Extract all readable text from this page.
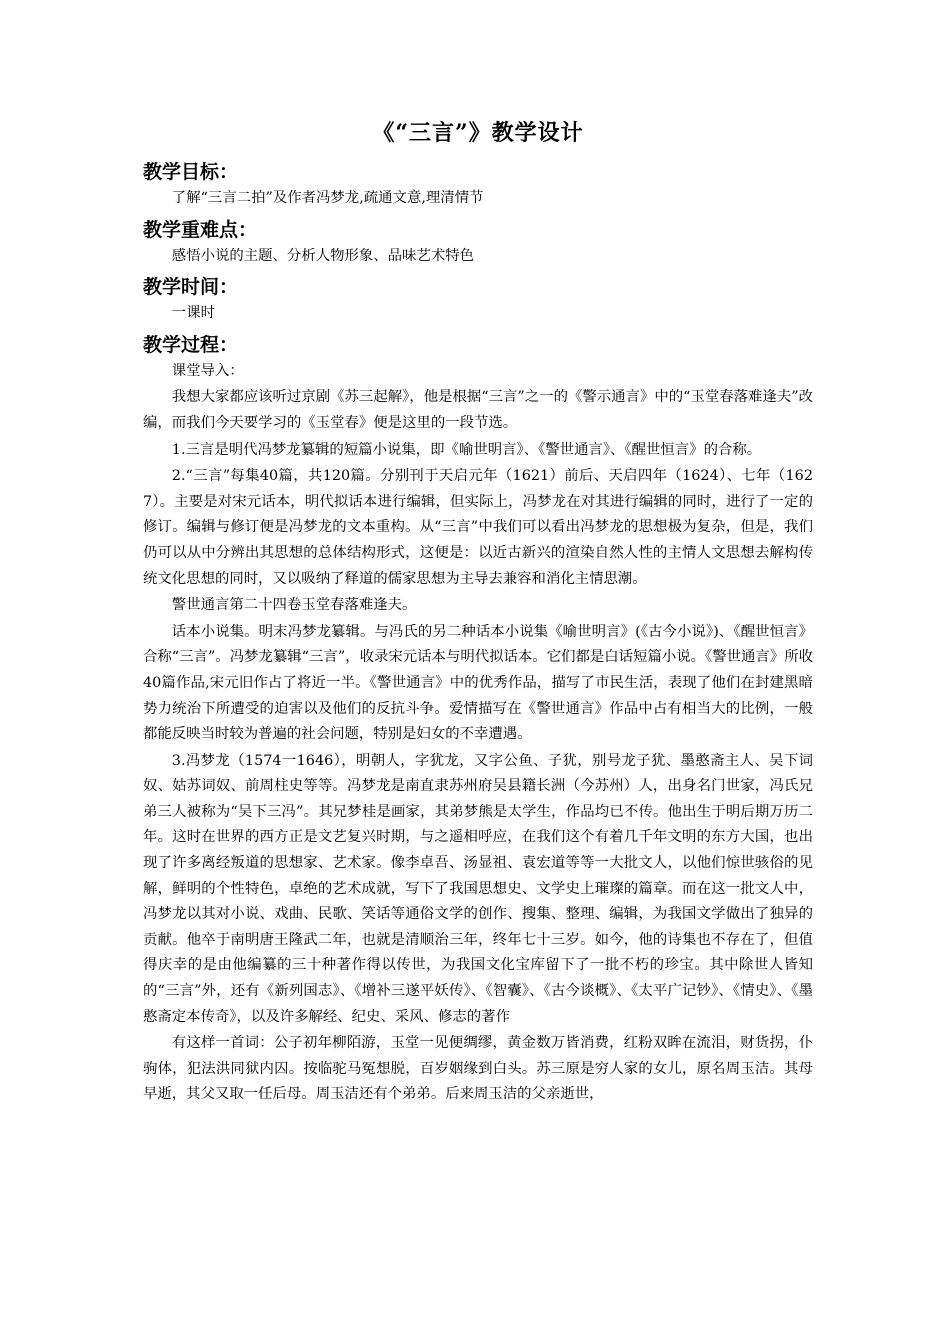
《“三言”》教学设计
教学目标：

了解“三言二拍”及作者冯梦龙,疏通文意,理清情节

教学重难点：

感悟小说的主题、分析人物形象、品味艺术特色

教学时间：

一课时

教学过程：

课堂导入：

我想大家都应该听过京剧《苏三起解》，他是根据“三言”之一的《警示通言》中的“玉堂春落难逢夫”改编，而我们今天要学习的《玉堂春》便是这里的一段节选。

1.三言是明代冯梦龙纂辑的短篇小说集，即《喻世明言》、《警世通言》、《醒世恒言》的合称。

2.“三言”每集40篇，共120篇。分别刊于天启元年（1621）前后、天启四年（1624）、七年（1627）。主要是对宋元话本，明代拟话本进行编辑，但实际上，冯梦龙在对其进行编辑的同时，进行了一定的修订。编辑与修订便是冯梦龙的文本重构。从“三言”中我们可以看出冯梦龙的思想极为复杂，但是，我们仍可以从中分辨出其思想的总体结构形式，这便是：以近古新兴的渲染自然人性的主情人文思想去解构传统文化思想的同时，又以吸纳了释道的儒家思想为主导去兼容和消化主情思潮。

警世通言第二十四卷玉堂春落难逢夫。

话本小说集。明末冯梦龙纂辑。与冯氏的另二种话本小说集《喻世明言》(《古今小说》)、《醒世恒言》合称“三言”。冯梦龙纂辑“三言”，收录宋元话本与明代拟话本。它们都是白话短篇小说。《警世通言》所收40篇作品,宋元旧作占了将近一半。《警世通言》中的优秀作品，描写了市民生活，表现了他们在封建黑暗势力统治下所遭受的迫害以及他们的反抗斗争。爱情描写在《警世通言》作品中占有相当大的比例，一般都能反映当时较为普遍的社会问题，特别是妇女的不幸遭遇。

3.冯梦龙（1574一1646），明朝人，字犹龙，又字公鱼、子犹，别号龙子犹、墨憨斋主人、吴下词奴、姑苏词奴、前周柱史等等。冯梦龙是南直隶苏州府吴县籍长洲（今苏州）人，出身名门世家，冯氏兄弟三人被称为“吴下三冯”。其兄梦桂是画家，其弟梦熊是太学生，作品均已不传。他出生于明后期万历二年。这时在世界的西方正是文艺复兴时期，与之遥相呼应，在我们这个有着几千年文明的东方大国，也出现了许多离经叛道的思想家、艺术家。像李卓吾、汤显祖、袁宏道等等一大批文人，以他们惊世骇俗的见解，鲜明的个性特色，卓绝的艺术成就，写下了我国思想史、文学史上璀璨的篇章。而在这一批文人中，冯梦龙以其对小说、戏曲、民歌、笑话等通俗文学的创作、搜集、整理、编辑，为我国文学做出了独异的贡献。他卒于南明唐王隆武二年，也就是清顺治三年，终年七十三岁。如今，他的诗集也不存在了，但值得庆幸的是由他编纂的三十种著作得以传世，为我国文化宝库留下了一批不朽的珍宝。其中除世人皆知的“三言”外，还有《新列国志》、《增补三遂平妖传》、《智囊》、《古今谈概》、《太平广记钞》、《情史》、《墨憨斋定本传奇》，以及许多解经、纪史、采风、修志的著作

有这样一首词：公子初年柳陌游，玉堂一见便绸缪，黄金数万皆消费，红粉双眸在流泪，财货拐，仆驹体，犯法洪同狱内囚。按临驼马冤想脱，百岁姻缘到白头。苏三原是穷人家的女儿，原名周玉洁。其母早逝，其父又取一任后母。周玉洁还有个弟弟。后来周玉洁的父亲逝世，
